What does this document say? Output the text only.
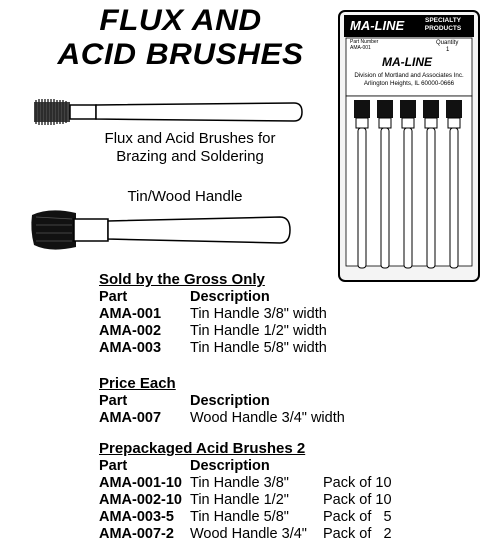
FLUX AND
ACID BRUSHES
Flux and Acid Brushes for
Brazing and Soldering
Tin/Wood Handle
MA-LINE	SPECIALTY
PRODUCTS
Part Number
AMA-001
Quantity
1
MA-LINE
Division of Mortland and Associates Inc.
Arlington Heights, IL 60000-0666
Sold by the Gross Only
Part	Description
AMA-001	Tin Handle 3/8" width
AMA-002	Tin Handle 1/2" width
AMA-003	Tin Handle 5/8" width
Price Each
Part	Description
AMA-007	Wood Handle 3/4" width
Prepackaged Acid Brushes 2
Part	Description
AMA-001-10 Tin Handle 3/8"	Pack of 10
AMA-002-10 Tin Handle 1/2"	Pack of 10
AMA-003-5	Tin Handle 5/8"	Pack of   5
AMA-007-2	Wood Handle 3/4"	Pack of   2
